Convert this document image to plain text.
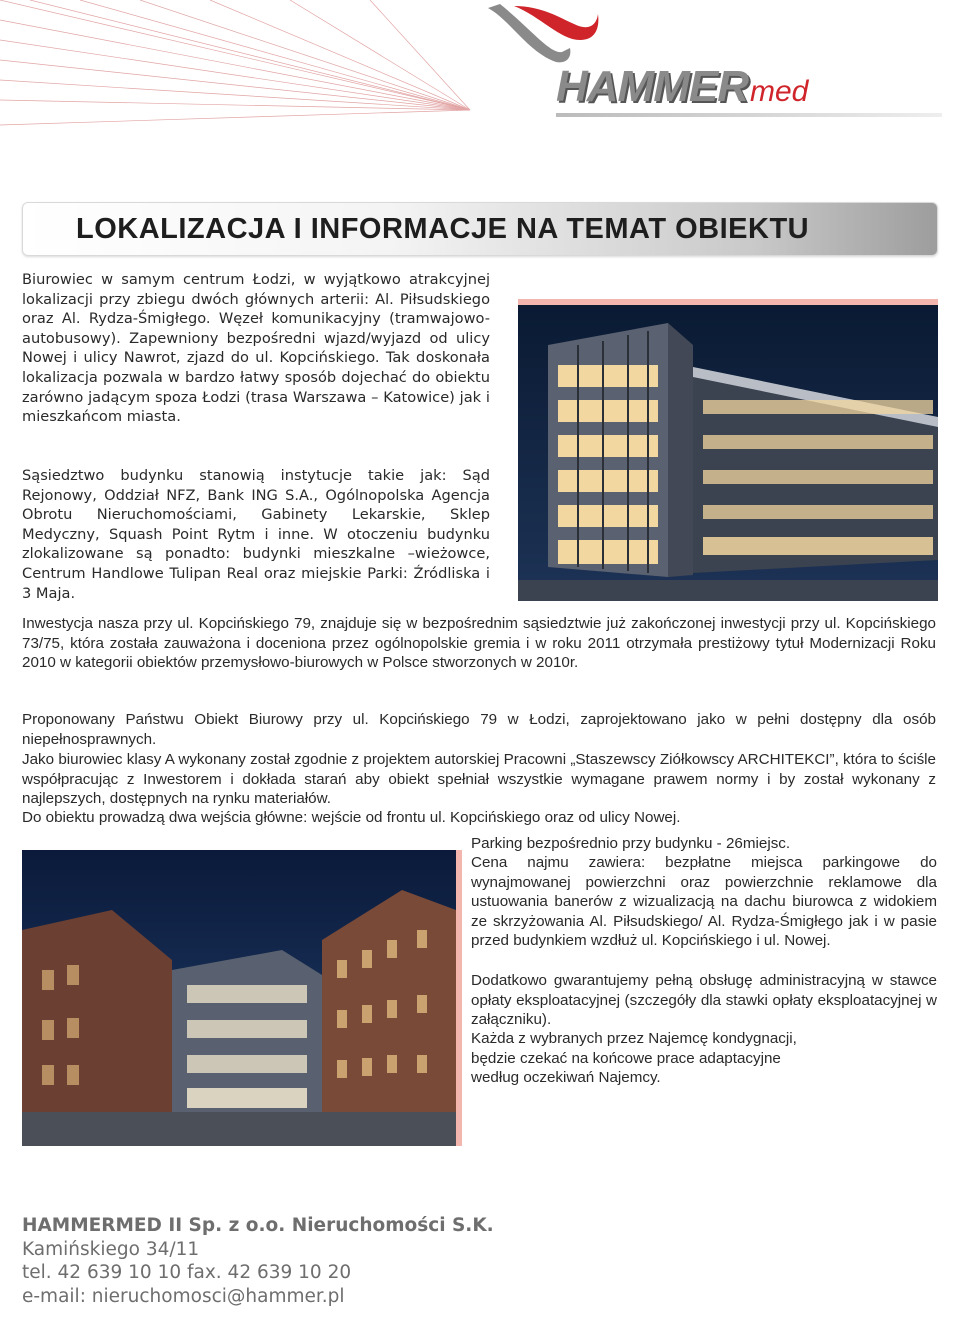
HAMMERmed
LOKALIZACJA I INFORMACJE NA TEMAT OBIEKTU

Biurowiec w samym centrum Łodzi, w wyjątkowo atrakcyjnej lokalizacji przy zbiegu dwóch głównych arterii: Al. Piłsudskiego oraz Al. Rydza-Śmigłego. Węzeł komunikacyjny (tramwajowo- autobusowy). Zapewniony bezpośredni wjazd/wyjazd od ulicy Nowej i ulicy Nawrot, zjazd do ul. Kopcińskiego. Tak doskonała lokalizacja pozwala w bardzo łatwy sposób dojechać do obiektu zarówno jadącym spoza Łodzi (trasa Warszawa – Katowice) jak i mieszkańcom miasta.

Sąsiedztwo budynku stanowią instytucje takie jak: Sąd Rejonowy, Oddział NFZ, Bank ING S.A., Ogólnopolska Agencja Obrotu Nieruchomościami, Gabinety Lekarskie, Sklep Medyczny, Squash Point Rytm i inne. W otoczeniu budynku zlokalizowane są ponadto: budynki mieszkalne –wieżowce, Centrum Handlowe Tulipan Real oraz miejskie Parki: Źródliska i 3 Maja.

Inwestycja nasza przy ul. Kopcińskiego 79, znajduje się w bezpośrednim sąsiedztwie już zakończonej inwestycji przy ul. Kopcińskiego 73/75, która została zauważona i doceniona przez ogólnopolskie gremia i w roku 2011 otrzymała prestiżowy tytuł Modernizacji Roku 2010 w kategorii obiektów przemysłowo-biurowych w Polsce stworzonych w 2010r.

Proponowany Państwu Obiekt Biurowy przy ul. Kopcińskiego 79 w Łodzi, zaprojektowano jako w pełni dostępny dla osób niepełnosprawnych.

Jako biurowiec klasy A wykonany został zgodnie z projektem autorskiej Pracowni „Staszewscy Ziółkowscy ARCHITEKCI”, która to ściśle współpracując z Inwestorem i dokłada starań aby obiekt spełniał wszystkie wymagane prawem normy i by został wykonany z najlepszych, dostępnych na rynku materiałów.

Do obiektu prowadzą dwa wejścia główne: wejście od frontu ul. Kopcińskiego oraz od ulicy Nowej.

Parking bezpośrednio przy budynku - 26miejsc.

Cena najmu zawiera: bezpłatne miejsca parkingowe do wynajmowanej powierzchni oraz powierzchnie reklamowe dla ustuowania banerów z wizualizacją na dachu biurowca z widokiem ze skrzyżowania Al. Piłsudskiego/ Al. Rydza-Śmigłego jak i w pasie przed budynkiem wzdłuż ul. Kopcińskiego i ul. Nowej.

Dodatkowo gwarantujemy pełną obsługę administracyjną w stawce opłaty eksploatacyjnej (szczegóły dla stawki opłaty eksploatacyjnej w załączniku).

Każda z wybranych przez Najemcę kondygnacji,
będzie czekać na końcowe prace adaptacyjne
według oczekiwań Najemcy.
HAMMERMED II Sp. z o.o. Nieruchomości S.K.
Kamińskiego 34/11
tel. 42 639 10 10 fax. 42 639 10 20
e-mail: nieruchomosci@hammer.pl
